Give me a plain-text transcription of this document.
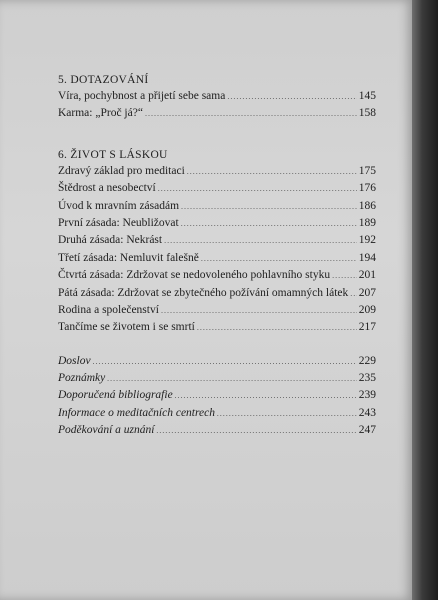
5. DOTAZOVÁNÍ
Víra, pochybnost a přijetí sebe sama .....	145
Karma: „Proč já?“ .....	158
6. ŽIVOT S LÁSKOU
Zdravý základ pro meditaci .....	175
Štědrost a nesobectví .....	176
Úvod k mravním zásadám .....	186
První zásada: Neubližovat .....	189
Druhá zásada: Nekrást .....	192
Třetí zásada: Nemluvit falešně .....	194
Čtvrtá zásada: Zdržovat se nedovoleného pohlavního styku ..... 201
Pátá zásada: Zdržovat se zbytečného požívání omamných látek ..... 207
Rodina a společenství .....	209
Tančíme se životem i se smrtí .....	217
Doslov .....	229
Poznámky .....	235
Doporučená bibliografie .....	239
Informace o meditačních centrech .....	243
Poděkování a uznání .....	247
